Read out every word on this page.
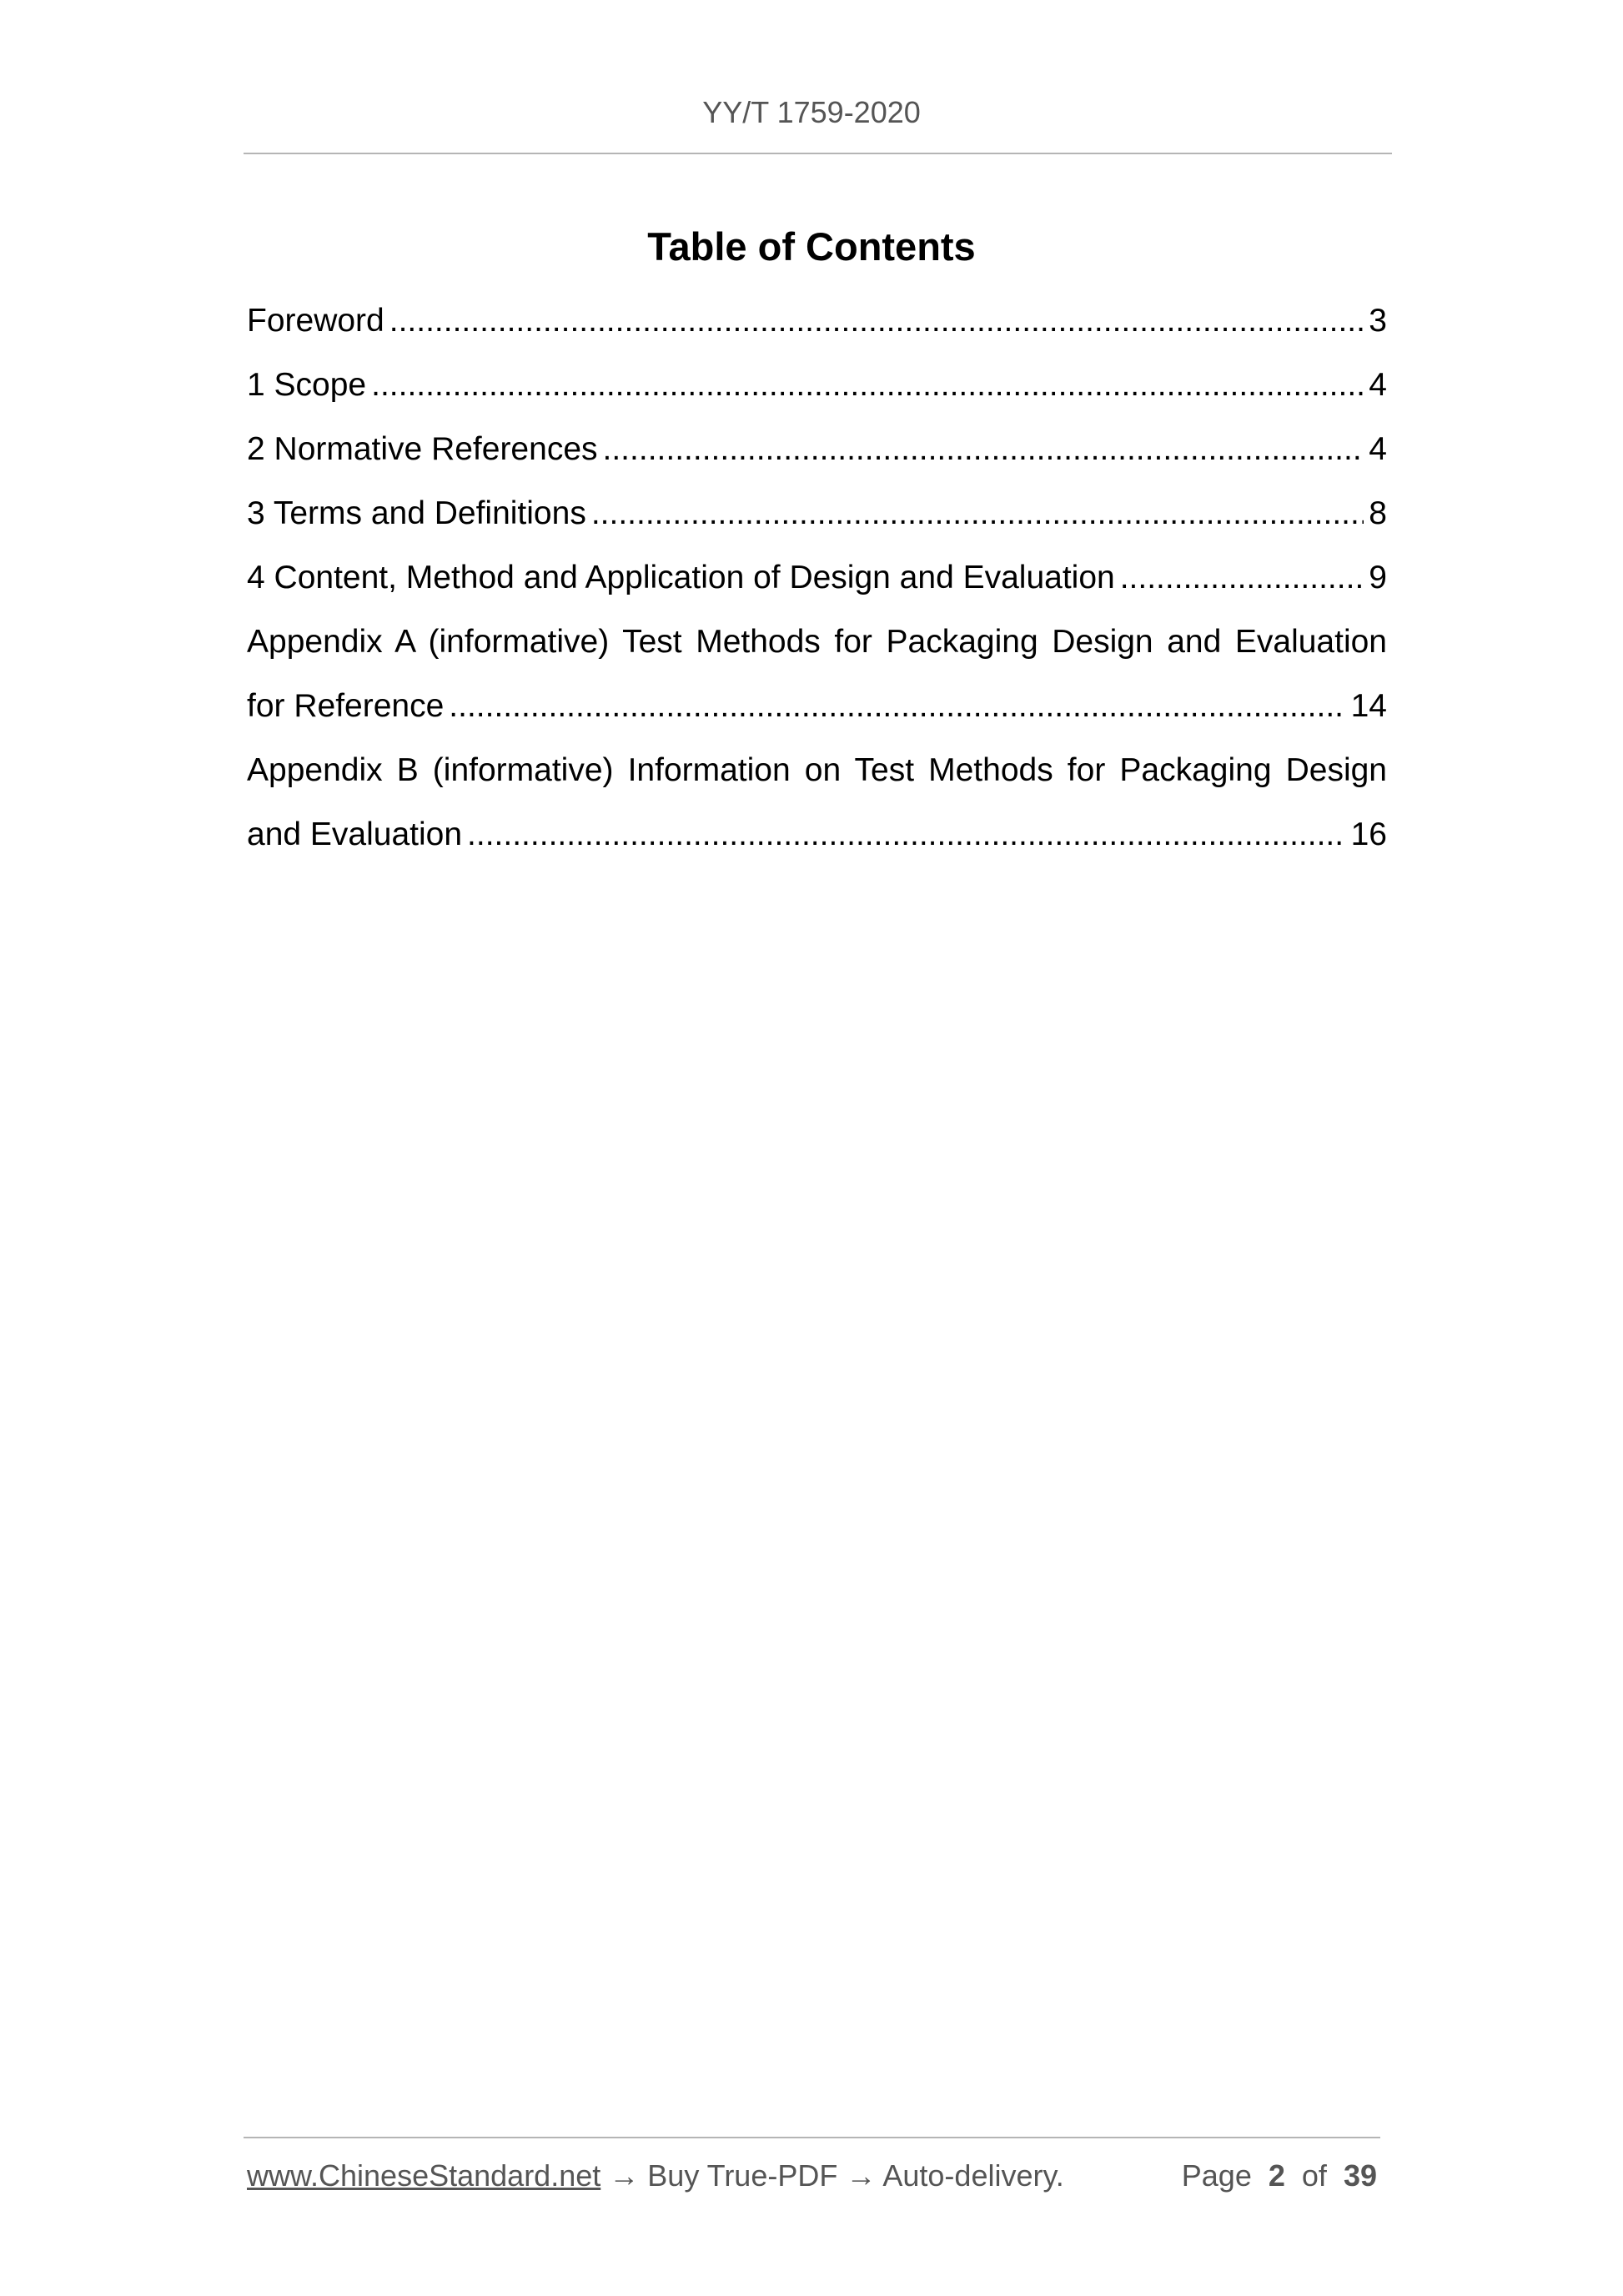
YY/T 1759-2020
Table of Contents
Foreword .....	3
1 Scope .....	4
2 Normative References .....	4
3 Terms and Definitions .....	8
4 Content, Method and Application of Design and Evaluation .....	9
Appendix A (informative) Test Methods for Packaging Design and Evaluation
for Reference .....	14
Appendix B (informative) Information on Test Methods for Packaging Design
and Evaluation .....	16
www.ChineseStandard.net → Buy True-PDF → Auto-delivery.	Page 2 of 39
